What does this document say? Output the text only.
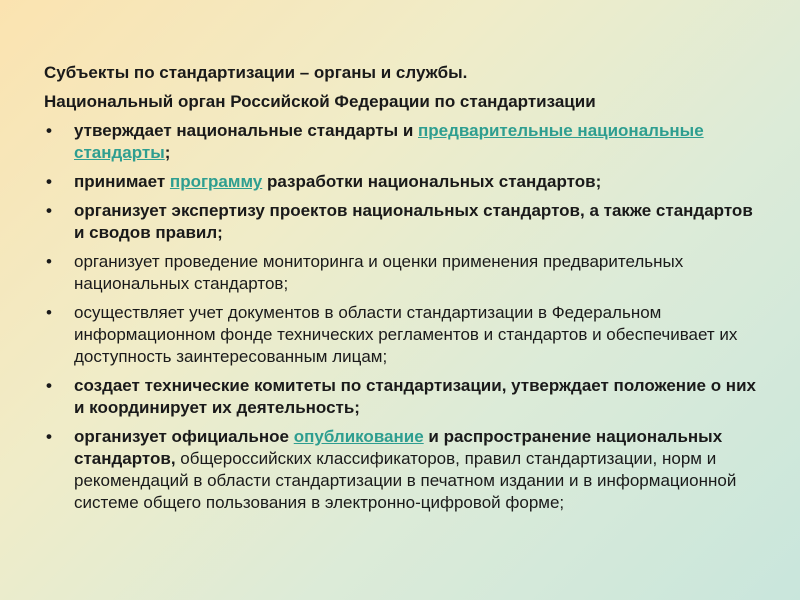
Субъекты по стандартизации – органы и службы.

Национальный орган Российской Федерации по стандартизации

• утверждает национальные стандарты и предварительные национальные стандарты;
• принимает программу разработки национальных стандартов;
• организует экспертизу проектов национальных стандартов, а также стандартов и сводов правил;
• организует проведение мониторинга и оценки применения предварительных национальных стандартов;
• осуществляет учет документов в области стандартизации в Федеральном информационном фонде технических регламентов и стандартов и обеспечивает их доступность заинтересованным лицам;
• создает технические комитеты по стандартизации, утверждает положение о них и координирует их деятельность;
• организует официальное опубликование и распространение национальных стандартов, общероссийских классификаторов, правил стандартизации, норм и рекомендаций в области стандартизации в печатном издании и в информационной системе общего пользования в электронно-цифровой форме;
